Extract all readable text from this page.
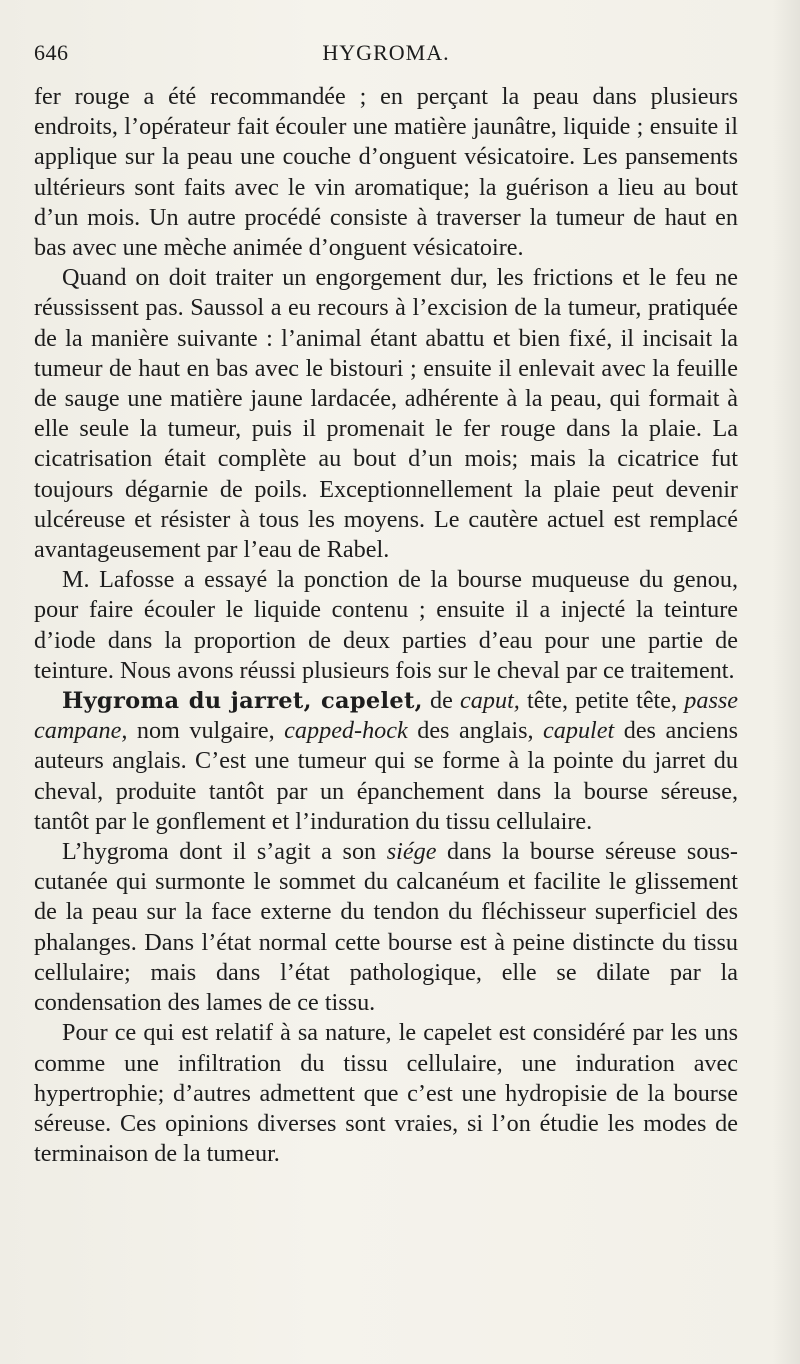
646	HYGROMA.

fer rouge a été recommandée ; en perçant la peau dans plusieurs endroits, l’opérateur fait écouler une matière jaunâtre, liquide ; ensuite il applique sur la peau une couche d’onguent vésicatoire. Les pansements ultérieurs sont faits avec le vin aromatique; la guérison a lieu au bout d’un mois. Un autre procédé consiste à traverser la tumeur de haut en bas avec une mèche animée d’onguent vésicatoire.

Quand on doit traiter un engorgement dur, les frictions et le feu ne réussissent pas. Saussol a eu recours à l’excision de la tumeur, pratiquée de la manière suivante : l’animal étant abattu et bien fixé, il incisait la tumeur de haut en bas avec le bistouri ; ensuite il enlevait avec la feuille de sauge une matière jaune lardacée, adhérente à la peau, qui formait à elle seule la tumeur, puis il promenait le fer rouge dans la plaie. La cicatrisation était complète au bout d’un mois; mais la cicatrice fut toujours dégarnie de poils. Exceptionnellement la plaie peut devenir ulcéreuse et résister à tous les moyens. Le cautère actuel est remplacé avantageusement par l’eau de Rabel.

M. Lafosse a essayé la ponction de la bourse muqueuse du genou, pour faire écouler le liquide contenu ; ensuite il a injecté la teinture d’iode dans la proportion de deux parties d’eau pour une partie de teinture. Nous avons réussi plusieurs fois sur le cheval par ce traitement.

Hygroma du jarret, capelet, de caput, tête, petite tête, passe campane, nom vulgaire, capped-hock des anglais, capulet des anciens auteurs anglais. C’est une tumeur qui se forme à la pointe du jarret du cheval, produite tantôt par un épanchement dans la bourse séreuse, tantôt par le gonflement et l’induration du tissu cellulaire.

L’hygroma dont il s’agit a son siége dans la bourse séreuse sous-cutanée qui surmonte le sommet du calcanéum et facilite le glissement de la peau sur la face externe du tendon du fléchisseur superficiel des phalanges. Dans l’état normal cette bourse est à peine distincte du tissu cellulaire; mais dans l’état pathologique, elle se dilate par la condensation des lames de ce tissu.

Pour ce qui est relatif à sa nature, le capelet est considéré par les uns comme une infiltration du tissu cellulaire, une induration avec hypertrophie; d’autres admettent que c’est une hydropisie de la bourse séreuse. Ces opinions diverses sont vraies, si l’on étudie les modes de terminaison de la tumeur.
